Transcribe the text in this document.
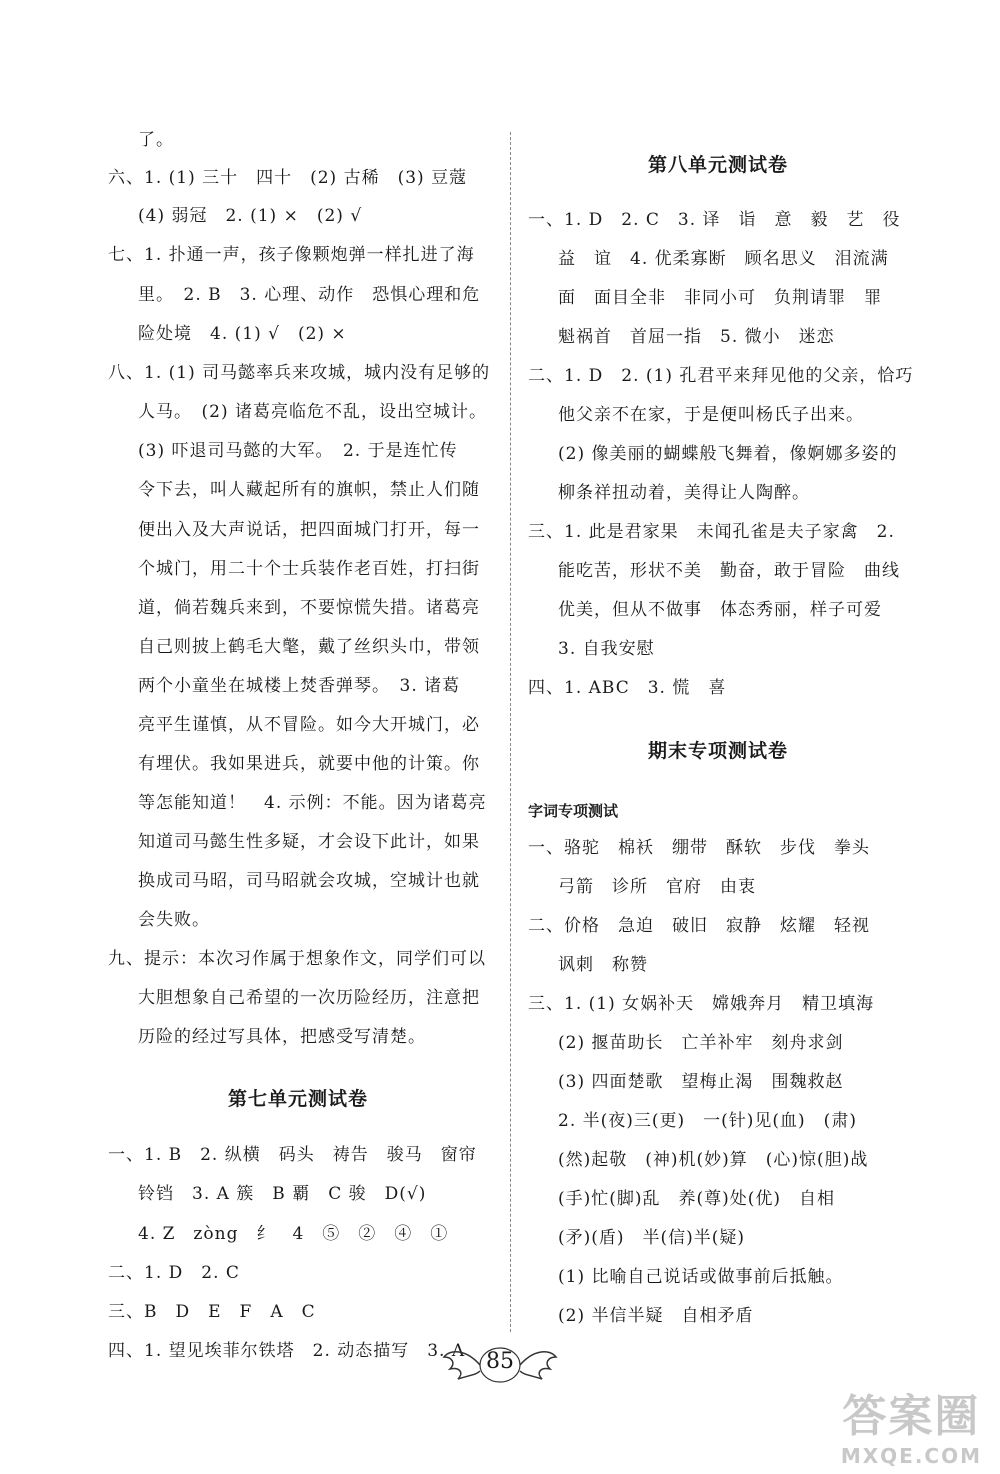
了。
六、1. (1) 三十　四十　(2) 古稀　(3) 豆蔻
(4) 弱冠　2. (1) ×　(2) √
七、1. 扑通一声，孩子像颗炮弹一样扎进了海
里。　2. B　3. 心理、动作　恐惧心理和危
险处境　4. (1) √　(2) ×
八、1. (1) 司马懿率兵来攻城，城内没有足够的
人马。　(2) 诸葛亮临危不乱，设出空城计。
(3) 吓退司马懿的大军。　2. 于是连忙传
令下去，叫人藏起所有的旗帜，禁止人们随
便出入及大声说话，把四面城门打开，每一
个城门，用二十个士兵装作老百姓，打扫街
道，倘若魏兵来到，不要惊慌失措。诸葛亮
自己则披上鹤毛大氅，戴了丝织头巾，带领
两个小童坐在城楼上焚香弹琴。　3. 诸葛
亮平生谨慎，从不冒险。如今大开城门，必
有埋伏。我如果进兵，就要中他的计策。你
等怎能知道！　4. 示例：不能。因为诸葛亮
知道司马懿生性多疑，才会设下此计，如果
换成司马昭，司马昭就会攻城，空城计也就
会失败。
九、提示：本次习作属于想象作文，同学们可以
大胆想象自己希望的一次历险经历，注意把
历险的经过写具体，把感受写清楚。
第七单元测试卷
一、1. B　2. 纵横　码头　祷告　骏马　窗帘
铃铛　3. A 簇　B 覇　C 骏　D(√)
4. Z　zòng　纟　4　⑤　②　④　①
二、1. D　2. C
三、B　D　E　F　A　C
四、1. 望见埃菲尔铁塔　2. 动态描写　3. A
第八单元测试卷
一、1. D　2. C　3. 译　诣　意　毅　艺　役
益　谊　4. 优柔寡断　顾名思义　泪流满
面　面目全非　非同小可　负荆请罪　罪
魁祸首　首屈一指　5. 微小　迷恋
二、1. D　2. (1) 孔君平来拜见他的父亲，恰巧
他父亲不在家，于是便叫杨氏子出来。
(2) 像美丽的蝴蝶般飞舞着，像婀娜多姿的
柳条祥扭动着，美得让人陶醉。
三、1. 此是君家果　未闻孔雀是夫子家禽　2.
能吃苦，形状不美　勤奋，敢于冒险　曲线
优美，但从不做事　体态秀丽，样子可爱
3. 自我安慰
四、1. ABC　3. 慌　喜
期末专项测试卷
字词专项测试
一、骆驼　棉袄　绷带　酥软　步伐　拳头
弓箭　诊所　官府　由衷
二、价格　急迫　破旧　寂静　炫耀　轻视
讽刺　称赞
三、1. (1) 女娲补天　嫦娥奔月　精卫填海
(2) 揠苗助长　亡羊补牢　刻舟求剑
(3) 四面楚歌　望梅止渴　围魏救赵
2. 半(夜)三(更)　一(针)见(血)　(肃)
(然)起敬　(神)机(妙)算　(心)惊(胆)战
(手)忙(脚)乱　养(尊)处(优)　自相
(矛)(盾)　半(信)半(疑)
(1) 比喻自己说话或做事前后抵触。
(2) 半信半疑　自相矛盾
85
答案圈
MXQE.COM
